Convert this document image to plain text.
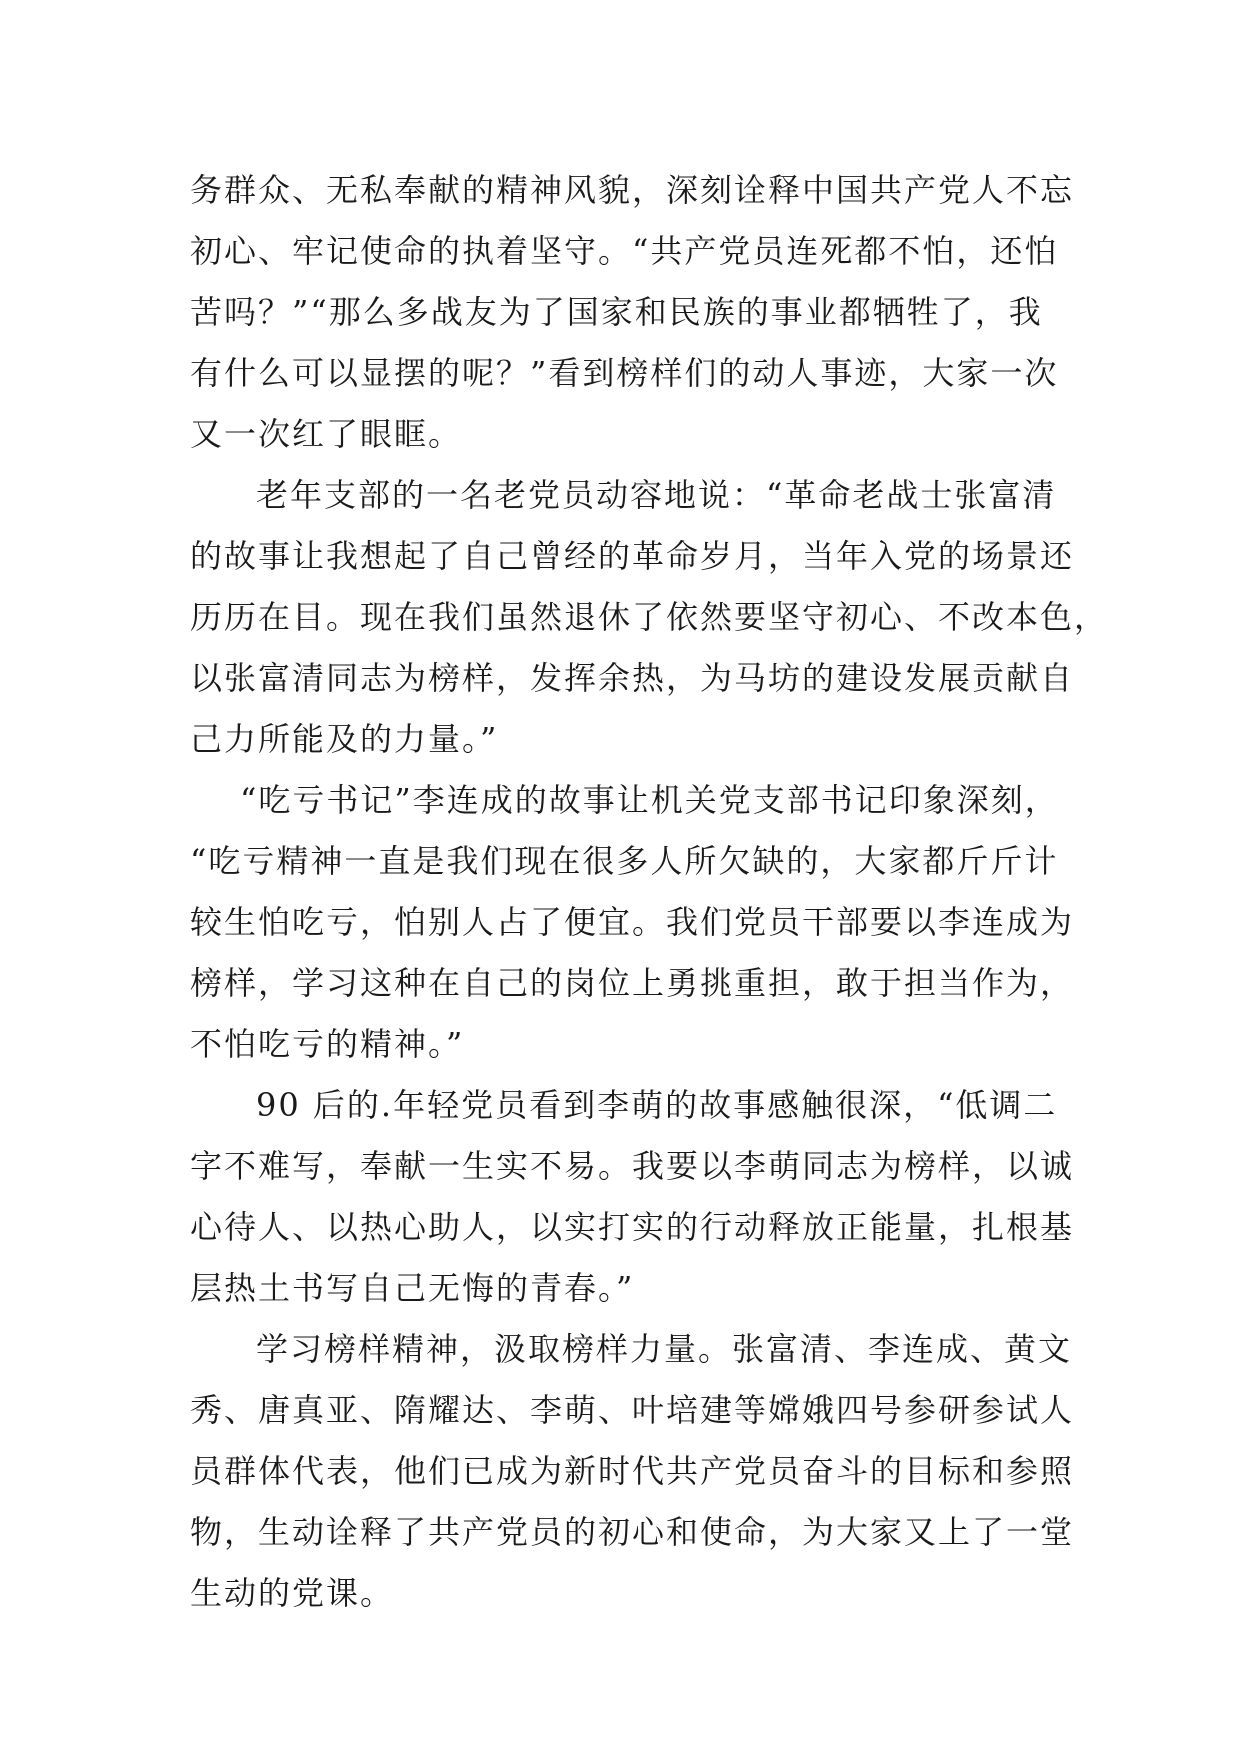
务群众、无私奉献的精神风貌，深刻诠释中国共产党人不忘
初心、牢记使命的执着坚守。“共产党员连死都不怕，还怕
苦吗？”“那么多战友为了国家和民族的事业都牺牲了，我
有什么可以显摆的呢？”看到榜样们的动人事迹，大家一次
又一次红了眼眶。

老年支部的一名老党员动容地说：“革命老战士张富清
的故事让我想起了自己曾经的革命岁月，当年入党的场景还
历历在目。现在我们虽然退休了依然要坚守初心、不改本色，
以张富清同志为榜样，发挥余热，为马坊的建设发展贡献自
己力所能及的力量。”

“吃亏书记”李连成的故事让机关党支部书记印象深刻，
“吃亏精神一直是我们现在很多人所欠缺的，大家都斤斤计
较生怕吃亏，怕别人占了便宜。我们党员干部要以李连成为
榜样，学习这种在自己的岗位上勇挑重担，敢于担当作为，
不怕吃亏的精神。”

90 后的.年轻党员看到李萌的故事感触很深，“低调二
字不难写，奉献一生实不易。我要以李萌同志为榜样，以诚
心待人、以热心助人，以实打实的行动释放正能量，扎根基
层热土书写自己无悔的青春。”

学习榜样精神，汲取榜样力量。张富清、李连成、黄文
秀、唐真亚、隋耀达、李萌、叶培建等嫦娥四号参研参试人
员群体代表，他们已成为新时代共产党员奋斗的目标和参照
物，生动诠释了共产党员的初心和使命，为大家又上了一堂
生动的党课。
